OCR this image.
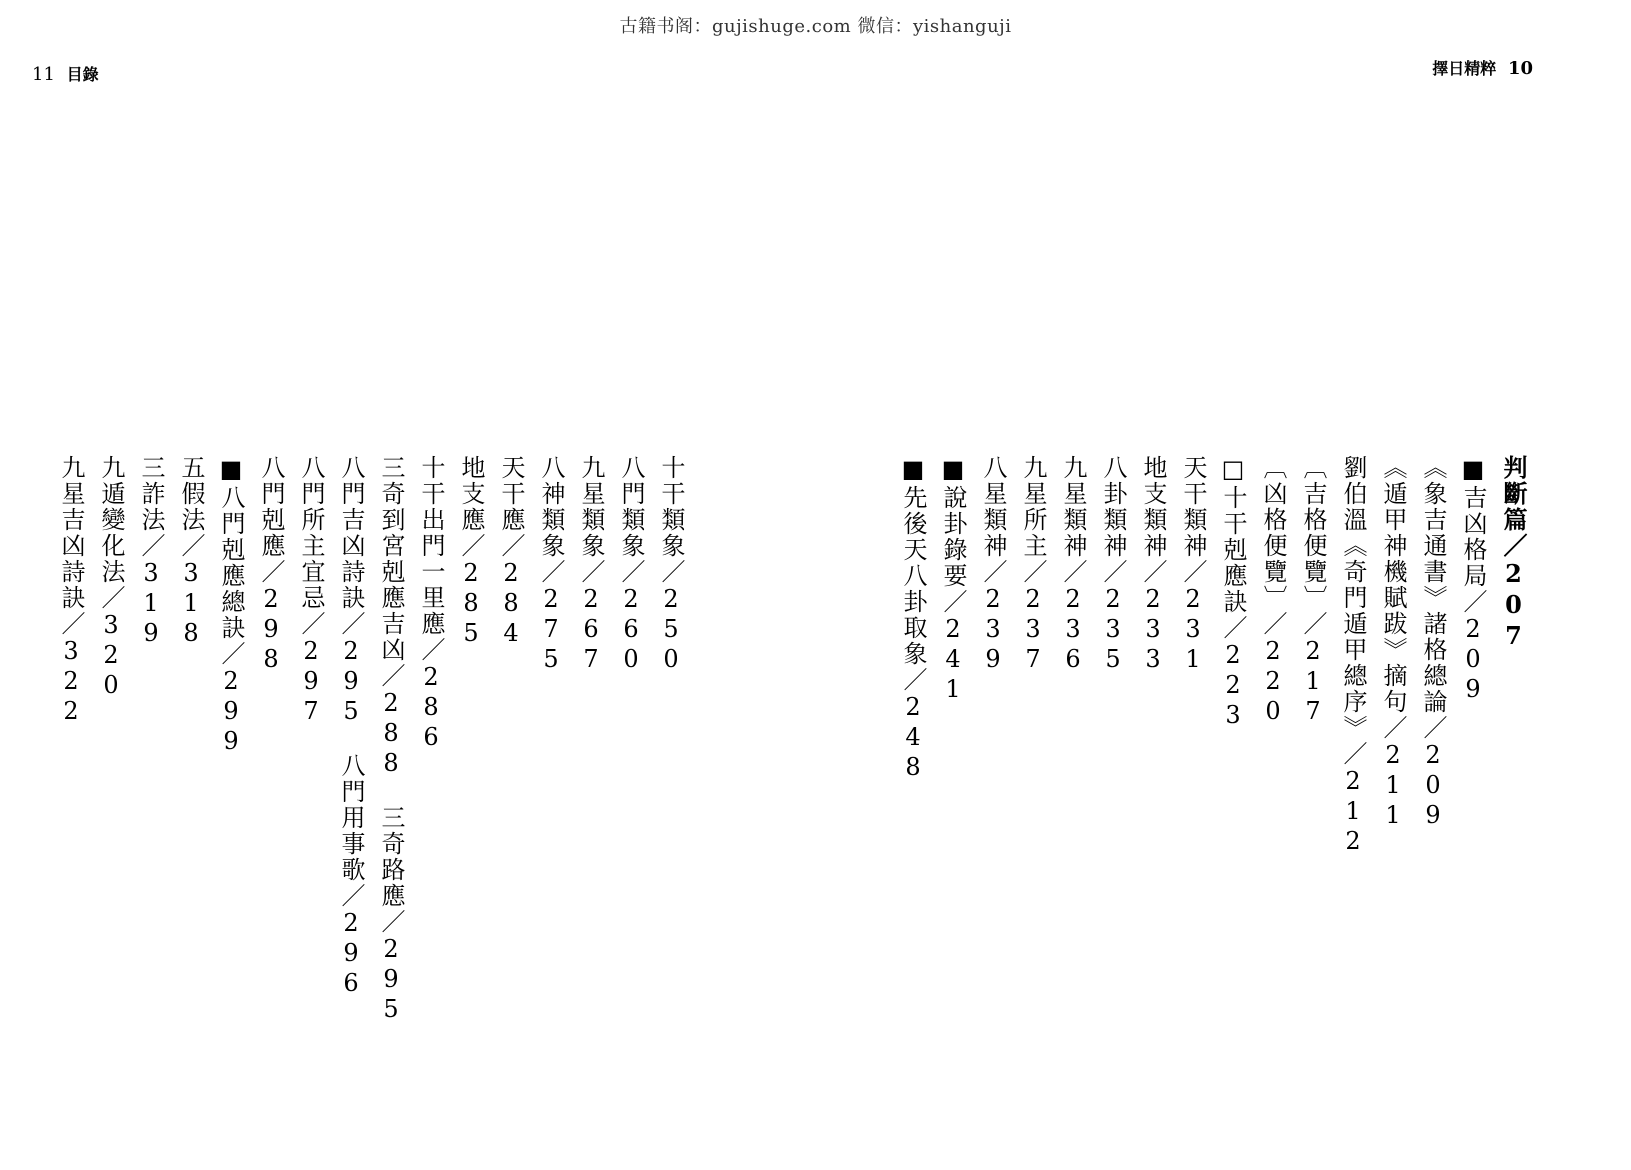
古籍书阁：gujishuge.com 微信：yishanguji
11 目錄	擇日精粹 10
判斷篇／207
■吉凶格局／209
《象吉通書》諸格總論／209
《遁甲神機賦跋》摘句／211
劉伯溫《奇門遁甲總序》／212
〔吉格便覽〕／217
〔凶格便覽〕／220
□十干剋應訣／223
天干類神／231
地支類神／233
八卦類神／235
九星類神／236
九星所主／237
八星類神／239
■說卦錄要／241
■先後天八卦取象／248
十干類象／250
八門類象／260
九星類象／267
八神類象／275
天干應／284
地支應／285
十干出門一里應／286
三奇到宮剋應吉凶／288　三奇路應／295
八門吉凶詩訣／295　八門用事歌／296
八門所主宜忌／297
八門剋應／298
■八門剋應總訣／299
五假法／318
三詐法／319
九遁變化法／320
九星吉凶詩訣／322
